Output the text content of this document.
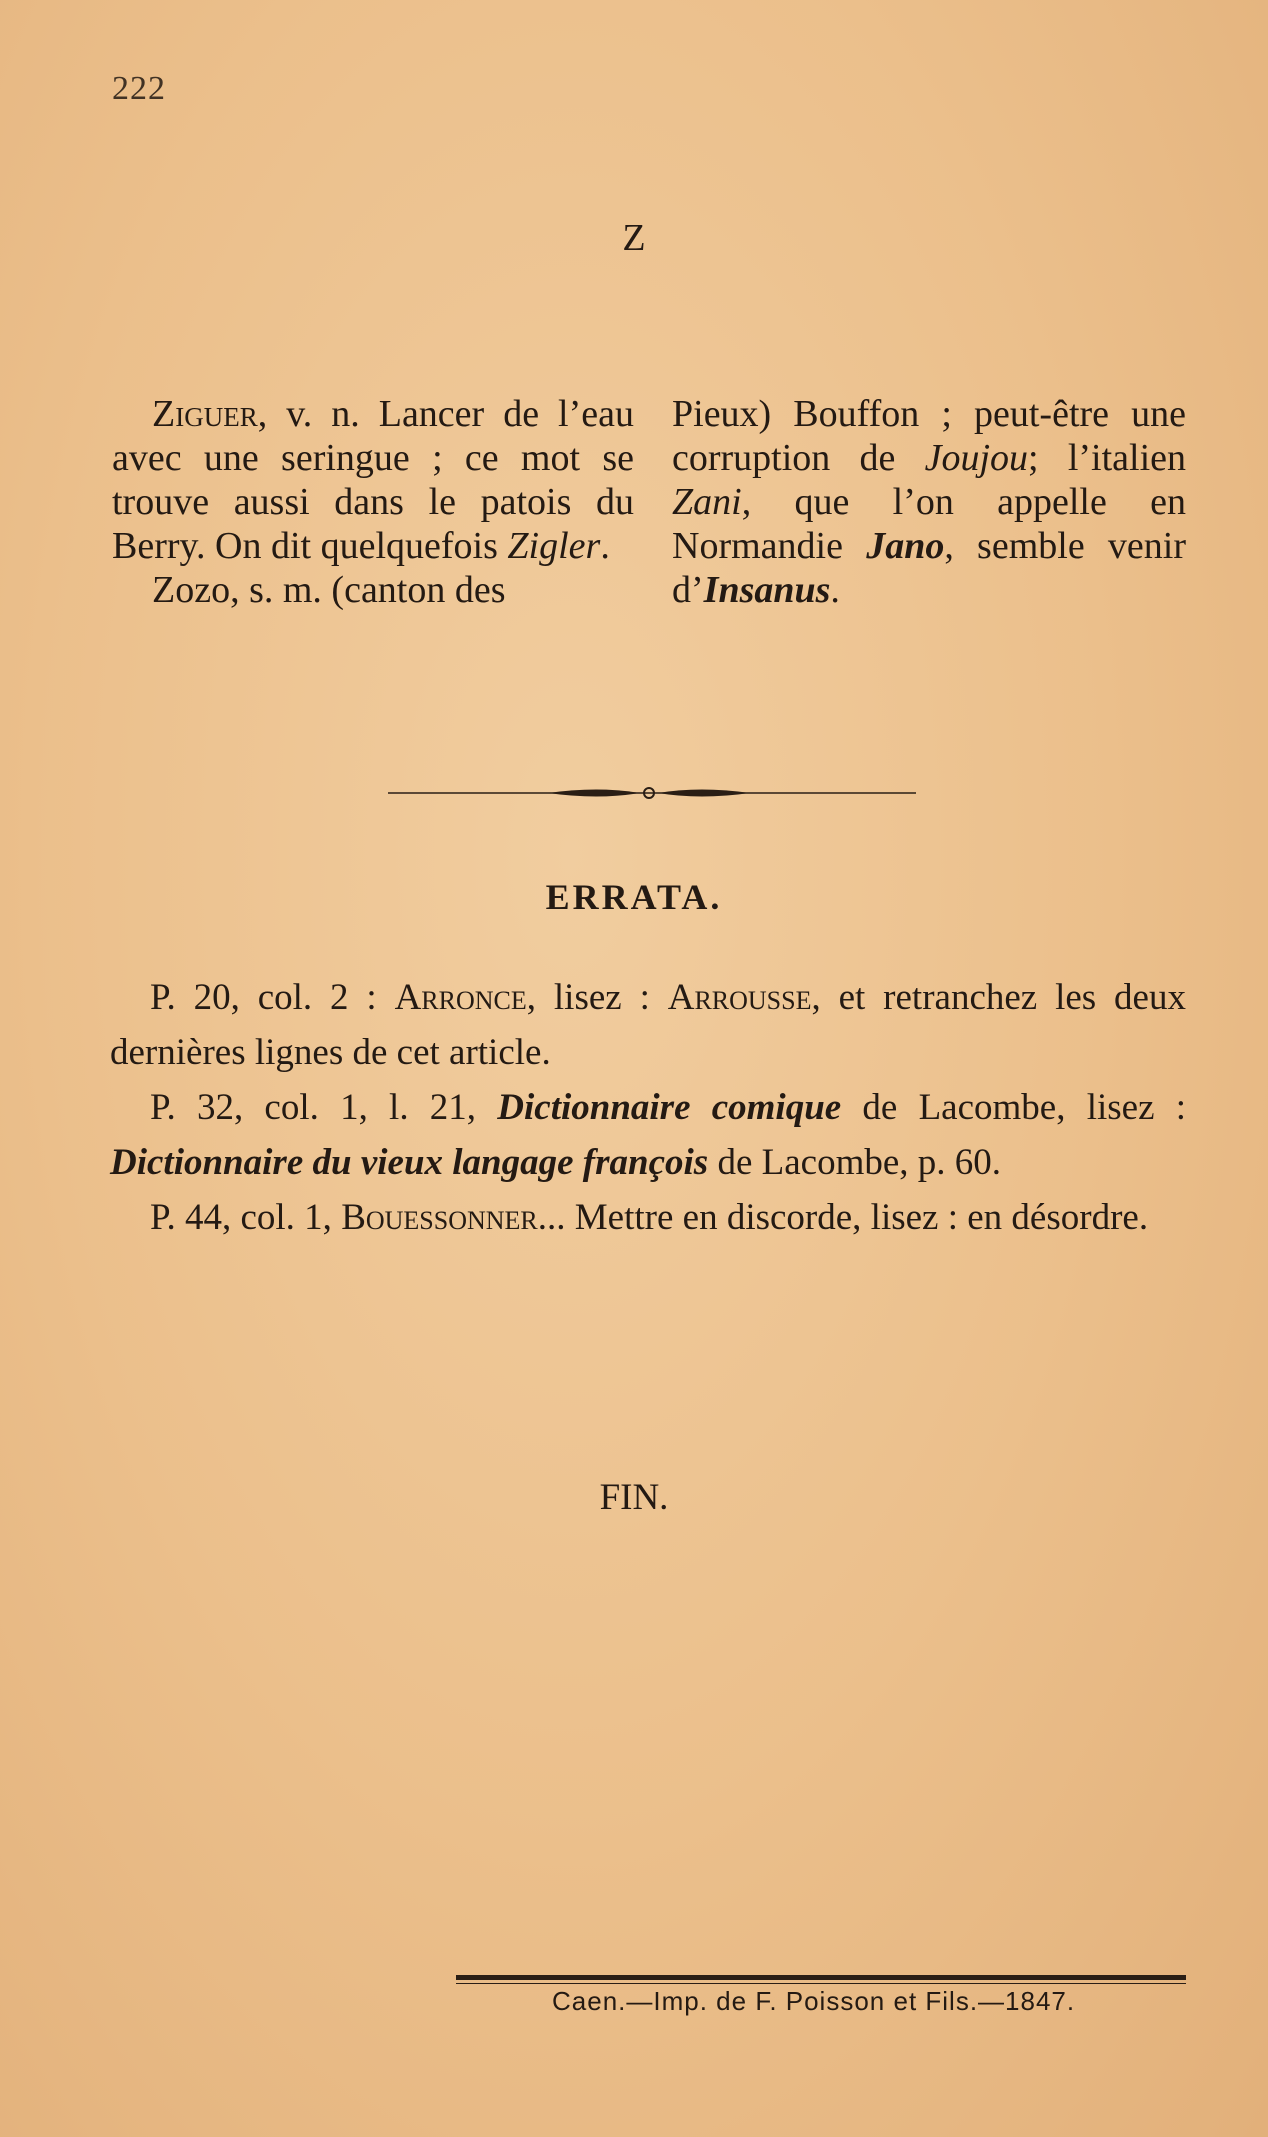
222
Z

Ziguer, v. n. Lancer de l’eau avec une seringue ; ce mot se trouve aussi dans le patois du Berry. On dit quelquefois Zigler.

Zozo, s. m. (canton des

Pieux) Bouffon ; peut-être une corruption de Joujou; l’italien Zani, que l’on appelle en Normandie Jano, semble venir d’Insanus.

ERRATA.

P. 20, col. 2 : Arronce, lisez : Arrousse, et retranchez les deux dernières lignes de cet article.

P. 32, col. 1, l. 21, Dictionnaire comique de Lacombe, lisez : Dictionnaire du vieux langage françois de Lacombe, p. 60.

P. 44, col. 1, Bouessonner... Mettre en discorde, lisez : en désordre.

FIN.
Caen.—Imp. de F. Poisson et Fils.—1847.
